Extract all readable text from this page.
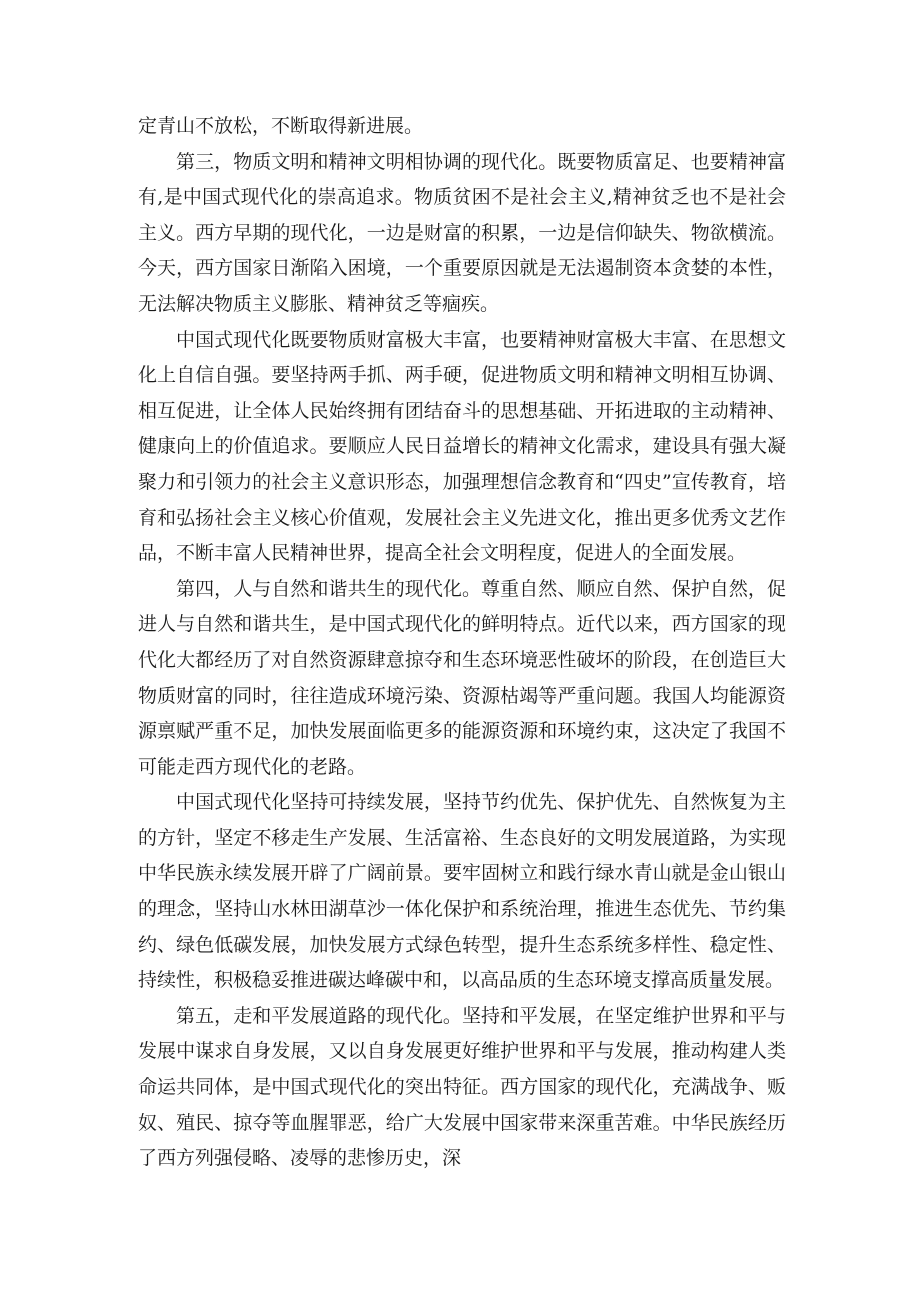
定青山不放松，不断取得新进展。

第三，物质文明和精神文明相协调的现代化。既要物质富足、也要精神富有,是中国式现代化的崇高追求。物质贫困不是社会主义,精神贫乏也不是社会主义。西方早期的现代化，一边是财富的积累，一边是信仰缺失、物欲横流。今天，西方国家日渐陷入困境，一个重要原因就是无法遏制资本贪婪的本性，无法解决物质主义膨胀、精神贫乏等痼疾。

中国式现代化既要物质财富极大丰富，也要精神财富极大丰富、在思想文化上自信自强。要坚持两手抓、两手硬，促进物质文明和精神文明相互协调、相互促进，让全体人民始终拥有团结奋斗的思想基础、开拓进取的主动精神、健康向上的价值追求。要顺应人民日益增长的精神文化需求，建设具有强大凝聚力和引领力的社会主义意识形态，加强理想信念教育和“四史”宣传教育，培育和弘扬社会主义核心价值观，发展社会主义先进文化，推出更多优秀文艺作品，不断丰富人民精神世界，提高全社会文明程度，促进人的全面发展。

第四，人与自然和谐共生的现代化。尊重自然、顺应自然、保护自然，促进人与自然和谐共生，是中国式现代化的鲜明特点。近代以来，西方国家的现代化大都经历了对自然资源肆意掠夺和生态环境恶性破坏的阶段，在创造巨大物质财富的同时，往往造成环境污染、资源枯竭等严重问题。我国人均能源资源禀赋严重不足，加快发展面临更多的能源资源和环境约束，这决定了我国不可能走西方现代化的老路。

中国式现代化坚持可持续发展，坚持节约优先、保护优先、自然恢复为主的方针，坚定不移走生产发展、生活富裕、生态良好的文明发展道路，为实现中华民族永续发展开辟了广阔前景。要牢固树立和践行绿水青山就是金山银山的理念，坚持山水林田湖草沙一体化保护和系统治理，推进生态优先、节约集约、绿色低碳发展，加快发展方式绿色转型，提升生态系统多样性、稳定性、持续性，积极稳妥推进碳达峰碳中和，以高品质的生态环境支撑高质量发展。

第五，走和平发展道路的现代化。坚持和平发展，在坚定维护世界和平与发展中谋求自身发展，又以自身发展更好维护世界和平与发展，推动构建人类命运共同体，是中国式现代化的突出特征。西方国家的现代化，充满战争、贩奴、殖民、掠夺等血腥罪恶，给广大发展中国家带来深重苦难。中华民族经历了西方列强侵略、凌辱的悲惨历史，深
